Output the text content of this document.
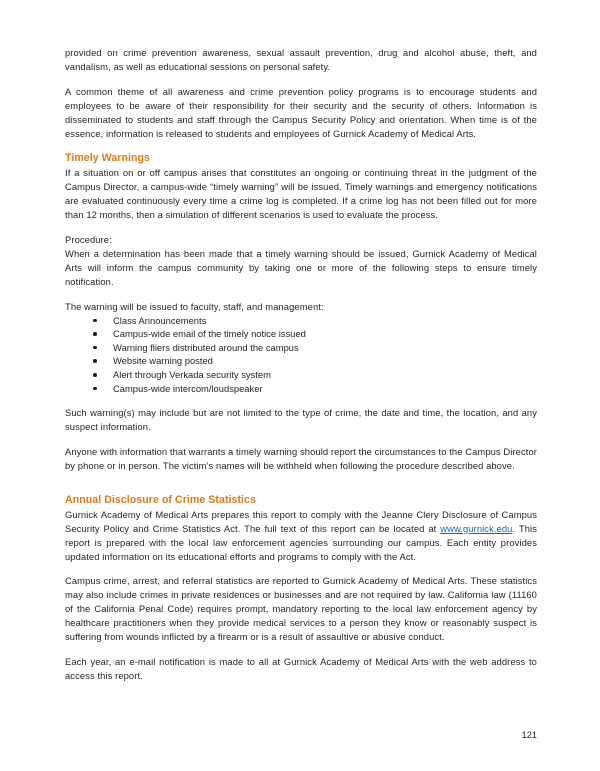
provided on crime prevention awareness, sexual assault prevention, drug and alcohol abuse, theft, and vandalism, as well as educational sessions on personal safety.

A common theme of all awareness and crime prevention policy programs is to encourage students and employees to be aware of their responsibility for their security and the security of others. Information is disseminated to students and staff through the Campus Security Policy and orientation. When time is of the essence, information is released to students and employees of Gurnick Academy of Medical Arts.

Timely Warnings

If a situation on or off campus arises that constitutes an ongoing or continuing threat in the judgment of the Campus Director, a campus-wide “timely warning” will be issued. Timely warnings and emergency notifications are evaluated continuously every time a crime log is completed. If a crime log has not been filled out for more than 12 months, then a simulation of different scenarios is used to evaluate the process.

Procedure:

When a determination has been made that a timely warning should be issued, Gurnick Academy of Medical Arts will inform the campus community by taking one or more of the following steps to ensure timely notification.

The warning will be issued to faculty, staff, and management:

Class Announcements
Campus-wide email of the timely notice issued
Warning fliers distributed around the campus
Website warning posted
Alert through Verkada security system
Campus-wide intercom/loudspeaker

Such warning(s) may include but are not limited to the type of crime, the date and time, the location, and any suspect information.

Anyone with information that warrants a timely warning should report the circumstances to the Campus Director by phone or in person. The victim’s names will be withheld when following the procedure described above.

Annual Disclosure of Crime Statistics

Gurnick Academy of Medical Arts prepares this report to comply with the Jeanne Clery Disclosure of Campus Security Policy and Crime Statistics Act. The full text of this report can be located at www.gurnick.edu. This report is prepared with the local law enforcement agencies surrounding our campus. Each entity provides updated information on its educational efforts and programs to comply with the Act.

Campus crime, arrest, and referral statistics are reported to Gurnick Academy of Medical Arts. These statistics may also include crimes in private residences or businesses and are not required by law. California law (11160 of the California Penal Code) requires prompt, mandatory reporting to the local law enforcement agency by healthcare practitioners when they provide medical services to a person they know or reasonably suspect is suffering from wounds inflicted by a firearm or is a result of assaultive or abusive conduct.

Each year, an e-mail notification is made to all at Gurnick Academy of Medical Arts with the web address to access this report.

121
